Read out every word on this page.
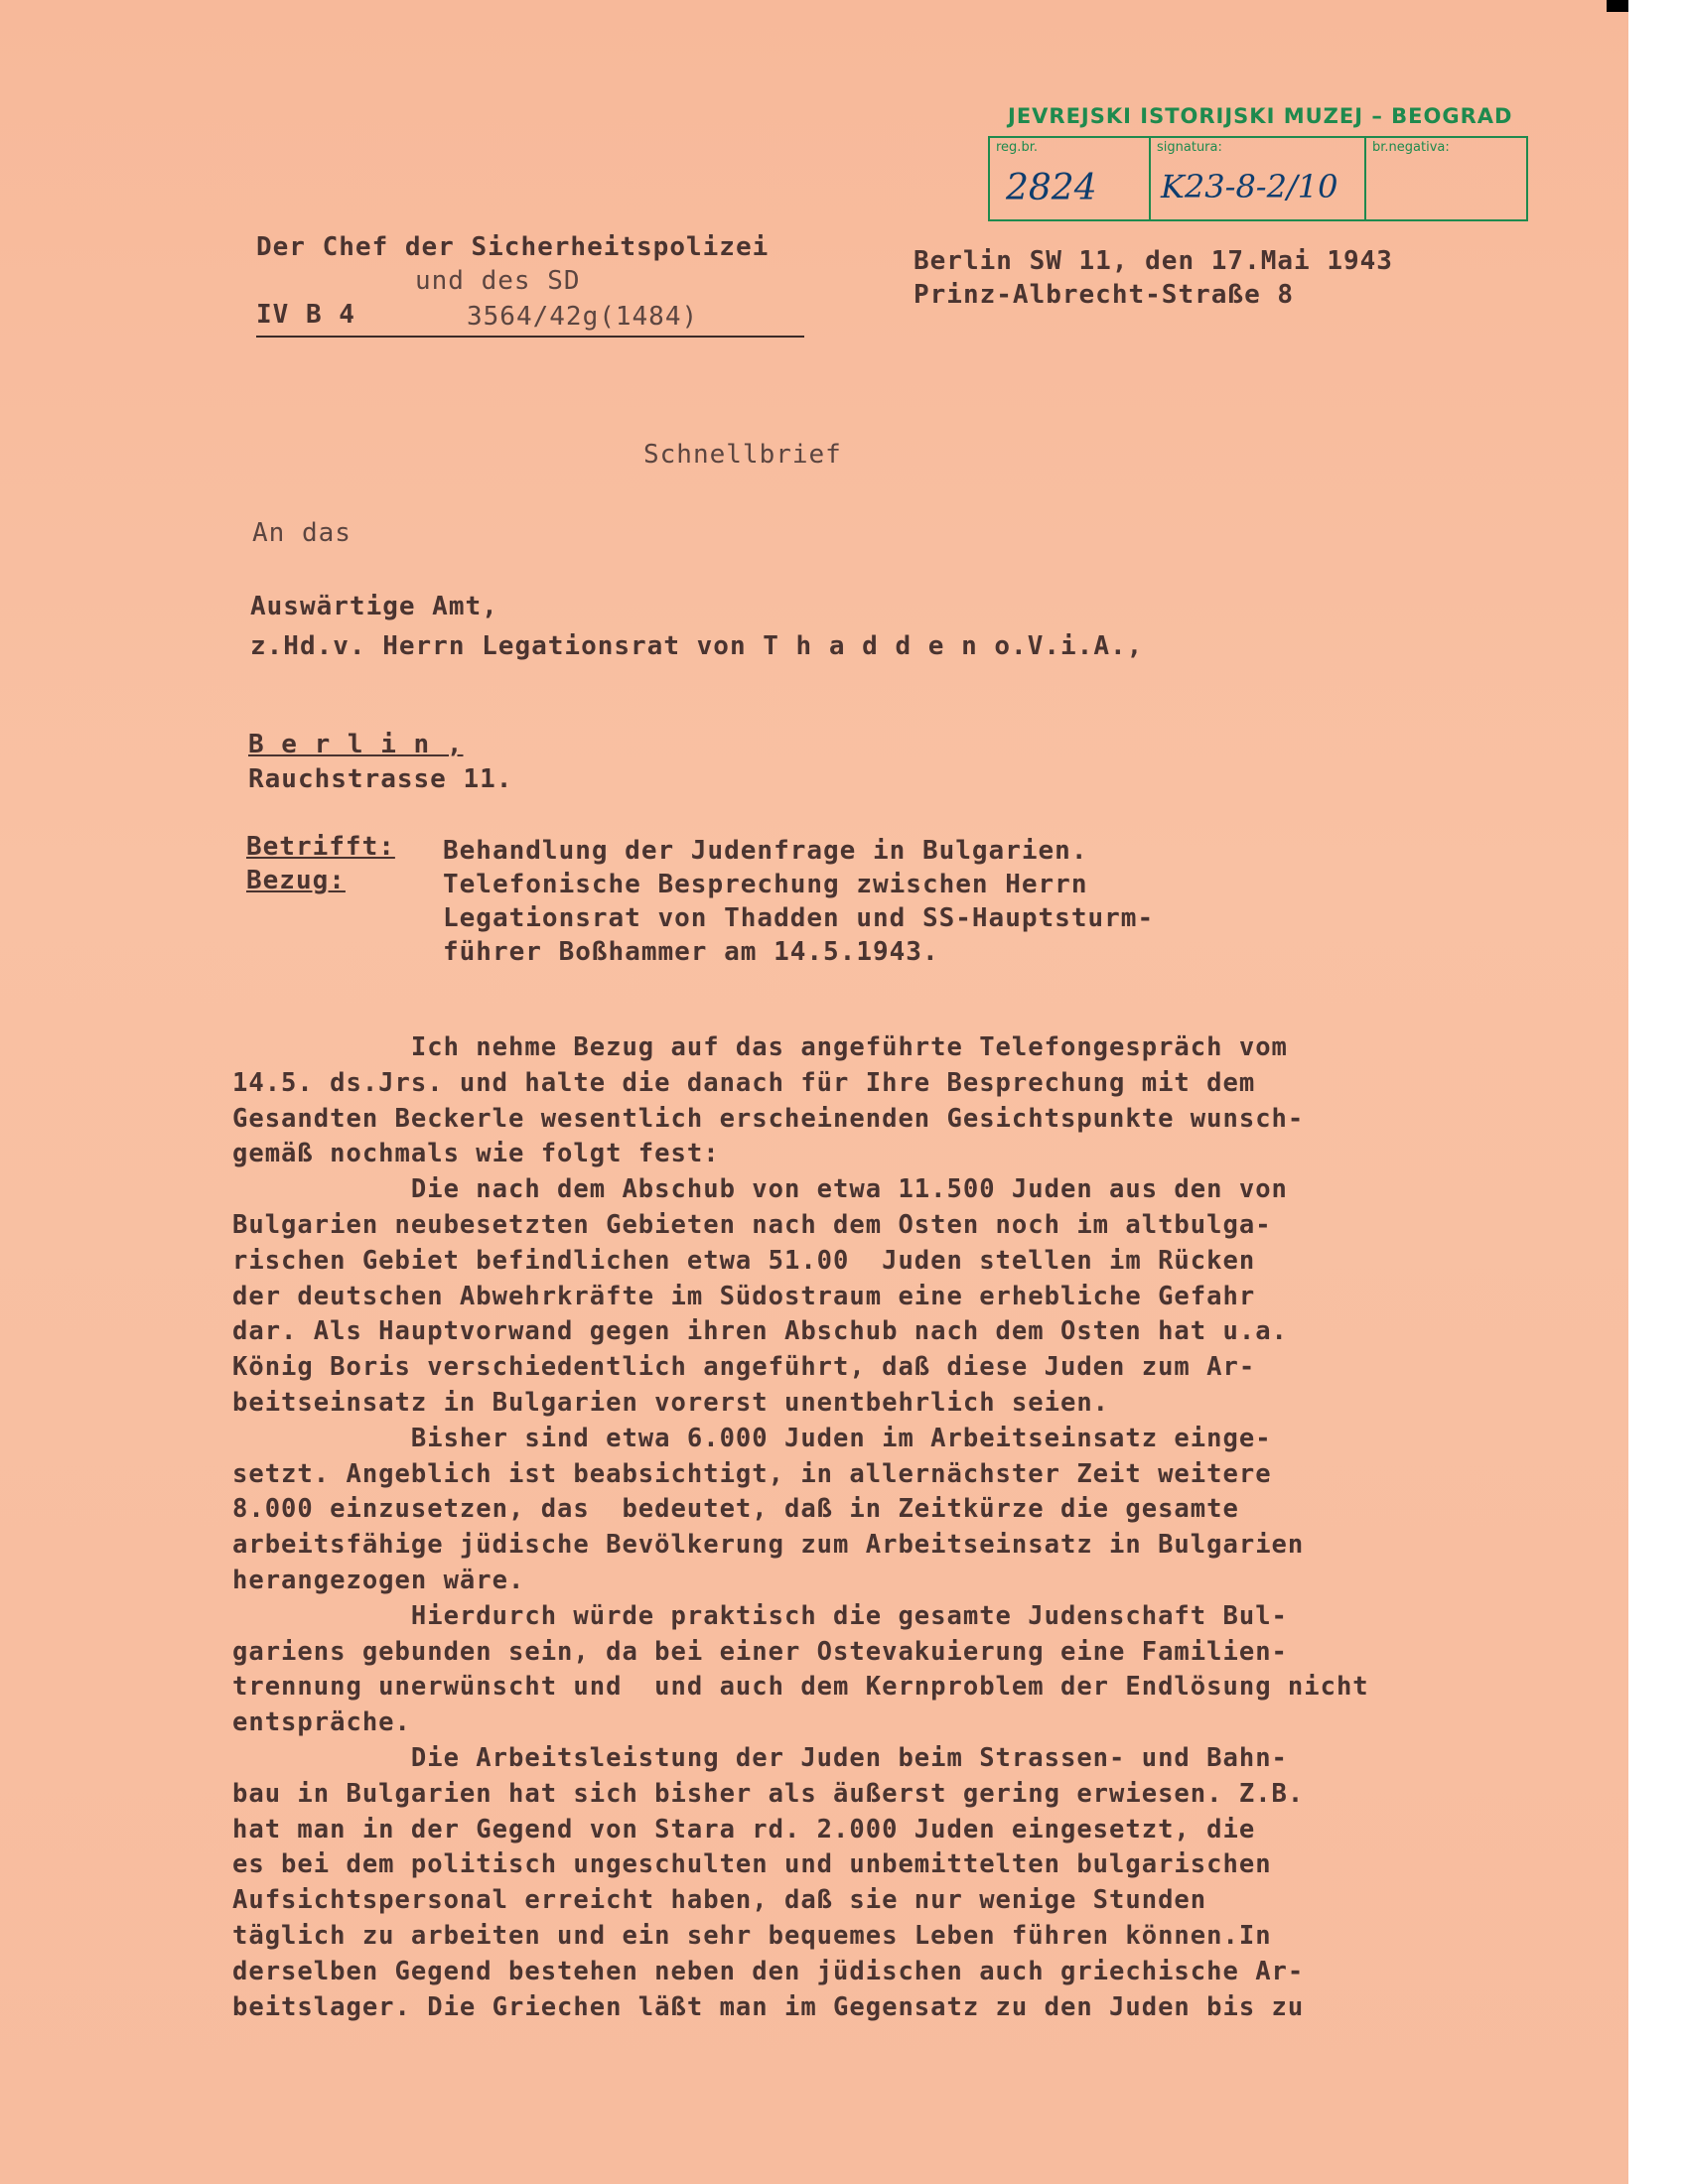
JEVREJSKI ISTORIJSKI MUZEJ – BEOGRAD
reg.br.
2824
signatura:
K23-8-2/10
br.negativa:
Der Chef der Sicherheitspolizei
und des SD
IV B 4	3564/42g(1484)
Berlin SW 11, den 17.Mai 1943
Prinz-Albrecht-Straße 8
Schnellbrief
An das
Auswärtige Amt,
z.Hd.v. Herrn Legationsrat von T h a d d e n o.V.i.A.,
B e r l i n ,
Rauchstrasse 11.
Betrifft:
Bezug:
Behandlung der Judenfrage in Bulgarien.
Telefonische Besprechung zwischen Herrn
Legationsrat von Thadden und SS-Hauptsturm-
führer Boßhammer am 14.5.1943.
Ich nehme Bezug auf das angeführte Telefongespräch vom
14.5. ds.Jrs. und halte die danach für Ihre Besprechung mit dem
Gesandten Beckerle wesentlich erscheinenden Gesichtspunkte wunsch-
gemäß nochmals wie folgt fest:
Die nach dem Abschub von etwa 11.500 Juden aus den von
Bulgarien neubesetzten Gebieten nach dem Osten noch im altbulga-
rischen Gebiet befindlichen etwa 51.00  Juden stellen im Rücken
der deutschen Abwehrkräfte im Südostraum eine erhebliche Gefahr
dar. Als Hauptvorwand gegen ihren Abschub nach dem Osten hat u.a.
König Boris verschiedentlich angeführt, daß diese Juden zum Ar-
beitseinsatz in Bulgarien vorerst unentbehrlich seien.
Bisher sind etwa 6.000 Juden im Arbeitseinsatz einge-
setzt. Angeblich ist beabsichtigt, in allernächster Zeit weitere
8.000 einzusetzen, das  bedeutet, daß in Zeitkürze die gesamte
arbeitsfähige jüdische Bevölkerung zum Arbeitseinsatz in Bulgarien
herangezogen wäre.
Hierdurch würde praktisch die gesamte Judenschaft Bul-
gariens gebunden sein, da bei einer Ostevakuierung eine Familien-
trennung unerwünscht und  und auch dem Kernproblem der Endlösung nicht
entspräche.
Die Arbeitsleistung der Juden beim Strassen- und Bahn-
bau in Bulgarien hat sich bisher als äußerst gering erwiesen. Z.B.
hat man in der Gegend von Stara rd. 2.000 Juden eingesetzt, die
es bei dem politisch ungeschulten und unbemittelten bulgarischen
Aufsichtspersonal erreicht haben, daß sie nur wenige Stunden
täglich zu arbeiten und ein sehr bequemes Leben führen können.In
derselben Gegend bestehen neben den jüdischen auch griechische Ar-
beitslager. Die Griechen läßt man im Gegensatz zu den Juden bis zu
